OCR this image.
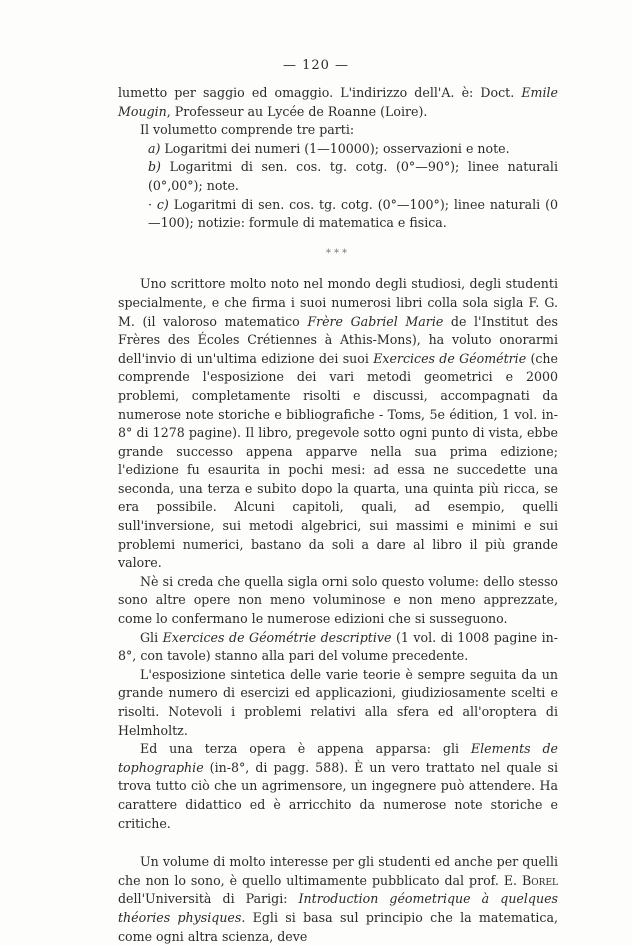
— 120 —

lumetto per saggio ed omaggio. L'indirizzo dell'A. è: Doct. Emile Mougin, Professeur au Lycée de Roanne (Loire).

Il volumetto comprende tre parti:

a) Logaritmi dei numeri (1—10000); osservazioni e note.

b) Logaritmi di sen. cos. tg. cotg. (0°—90°); linee naturali (0°,00°); note.

· c) Logaritmi di sen. cos. tg. cotg. (0°—100°); linee naturali (0—100); notizie: formule di matematica e fisica.

***

Uno scrittore molto noto nel mondo degli studiosi, degli studenti specialmente, e che firma i suoi numerosi libri colla sola sigla F. G. M. (il valoroso matematico Frère Gabriel Marie de l'Institut des Frères des Écoles Crétiennes à Athis-Mons), ha voluto onorarmi dell'invio di un'ultima edizione dei suoi Exercices de Géométrie (che comprende l'esposizione dei vari metodi geometrici e 2000 problemi, completamente risolti e discussi, accompagnati da numerose note storiche e bibliografiche - Toms, 5e édition, 1 vol. in-8° di 1278 pagine). Il libro, pregevole sotto ogni punto di vista, ebbe grande successo appena apparve nella sua prima edizione; l'edizione fu esaurita in pochi mesi: ad essa ne succedette una seconda, una terza e subito dopo la quarta, una quinta più ricca, se era possibile. Alcuni capitoli, quali, ad esempio, quelli sull'inversione, sui metodi algebrici, sui massimi e minimi e sui problemi numerici, bastano da soli a dare al libro il più grande valore.

Nè si creda che quella sigla orni solo questo volume: dello stesso sono altre opere non meno voluminose e non meno apprezzate, come lo confermano le numerose edizioni che si susseguono.

Gli Exercices de Géométrie descriptive (1 vol. di 1008 pagine in-8°, con tavole) stanno alla pari del volume precedente.

L'esposizione sintetica delle varie teorie è sempre seguita da un grande numero di esercizi ed applicazioni, giudiziosamente scelti e risolti. Notevoli i problemi relativi alla sfera ed all'oroptera di Helmholtz.

Ed una terza opera è appena apparsa: gli Elements de tophographie (in-8°, di pagg. 588). È un vero trattato nel quale si trova tutto ciò che un agrimensore, un ingegnere può attendere. Ha carattere didattico ed è arricchito da numerose note storiche e critiche.

Un volume di molto interesse per gli studenti ed anche per quelli che non lo sono, è quello ultimamente pubblicato dal prof. E. Borel dell'Università di Parigi: Introduction géometrique à quelques théories physiques. Egli si basa sul principio che la matematica, come ogni altra scienza, deve
